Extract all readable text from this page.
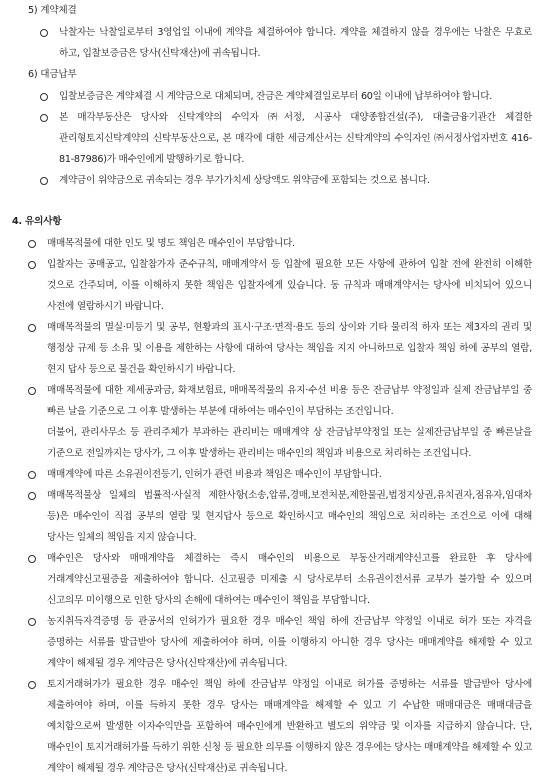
5) 계약체결
낙찰자는 낙찰일로부터 3영업일 이내에 계약을 체결하여야 합니다. 계약을 체결하지 않을 경우에는 낙찰은 무효로 하고, 입찰보증금은 당사(신탁재산)에 귀속됩니다.
6) 대금납부
입찰보증금은 계약체결 시 계약금으로 대체되며, 잔금은 계약체결일로부터 60일 이내에 납부하여야 합니다.
본 매각부동산은 당사와 신탁계약의 수익자 ㈜서정, 시공사 대양종합건설(주), 대출금융기관간 체결한 관리형토지신탁계약의 신탁부동산으로, 본 매각에 대한 세금계산서는 신탁계약의 수익자인 ㈜서정사업자번호 416-81-87986)가 매수인에게 발행하기로 합니다.
계약금이 위약금으로 귀속되는 경우 부가가치세 상당액도 위약금에 포함되는 것으로 봅니다.
4. 유의사항
매매목적물에 대한 인도 및 명도 책임은 매수인이 부담합니다.
입찰자는 공매공고, 입찰참가자 준수규칙, 매매계약서 등 입찰에 필요한 모든 사항에 관하여 입찰 전에 완전히 이해한 것으로 간주되며, 이를 이해하지 못한 책임은 입찰자에게 있습니다. 동 규칙과 매매계약서는 당사에 비치되어 있으니 사전에 열람하시기 바랍니다.
매매목적물의 멸실·미등기 및 공부, 현황과의 표시·구조·면적·용도 등의 상이와 기타 물리적 하자 또는 제3자의 권리 및 행정상 규제 등 소유 및 이용을 제한하는 사항에 대하여 당사는 책임을 지지 아니하므로 입찰자 책임 하에 공부의 열람, 현지 답사 등으로 물건을 확인하시기 바랍니다.
매매목적물에 대한 제세공과금, 화재보험료, 매매목적물의 유지·수선 비용 등은 잔금납부 약정일과 실제 잔금납부일 중 빠른 날을 기준으로 그 이후 발생하는 부분에 대하여는 매수인이 부담하는 조건입니다.
더불어, 관리사무소 등 관리주체가 부과하는 관리비는 매매계약 상 잔금납부약정일 또는 실제잔금납부일 중 빠른날을 기준으로 전일까지는 당사가, 그 이후 발생하는 관리비는 매수인의 책임과 비용으로 처리하는 조건입니다.
매매계약에 따른 소유권이전등기, 인허가 관련 비용과 책임은 매수인이 부담합니다.
매매목적물상 일체의 법률적·사실적 제한사항(소송,압류,경매,보전처분,제한물권,법정지상권,유치권자,점유자,임대차 등)은 매수인이 직접 공부의 열람 및 현지답사 등으로 확인하시고 매수인의 책임으로 처리하는 조건으로 이에 대해 당사는 일체의 책임을 지지 않습니다.
매수인은 당사와 매매계약을 체결하는 즉시 매수인의 비용으로 부동산거래계약신고를 완료한 후 당사에 거래계약신고필증을 제출하여야 합니다. 신고필증 미제출 시 당사로부터 소유권이전서류 교부가 불가할 수 있으며 신고의무 미이행으로 인한 당사의 손해에 대하여는 매수인이 책임을 부담합니다.
농지취득자격증명 등 관공서의 인허가가 필요한 경우 매수인 책임 하에 잔금납부 약정일 이내로 허가 또는 자격을 증명하는 서류를 발급받아 당사에 제출하여야 하며, 이를 이행하지 아니한 경우 당사는 매매계약을 해제할 수 있고 계약이 해제될 경우 계약금은 당사(신탁재산)에 귀속됩니다.
토지거래허가가 필요한 경우 매수인 책임 하에 잔금납부 약정일 이내로 허가를 증명하는 서류를 발급받아 당사에 제출하여야 하며, 이를 득하지 못한 경우 당사는 매매계약을 해제할 수 있고 기 수납한 매매대금은 매매대금을 예치함으로써 발생한 이자수익만을 포함하여 매수인에게 반환하고 별도의 위약금 및 이자를 지급하지 않습니다. 단, 매수인이 토지거래허가를 득하기 위한 신청 등 필요한 의무를 이행하지 않은 경우에는 당사는 매매계약을 해제할 수 있고 계약이 해제될 경우 계약금은 당사(신탁재산)로 귀속됩니다.
